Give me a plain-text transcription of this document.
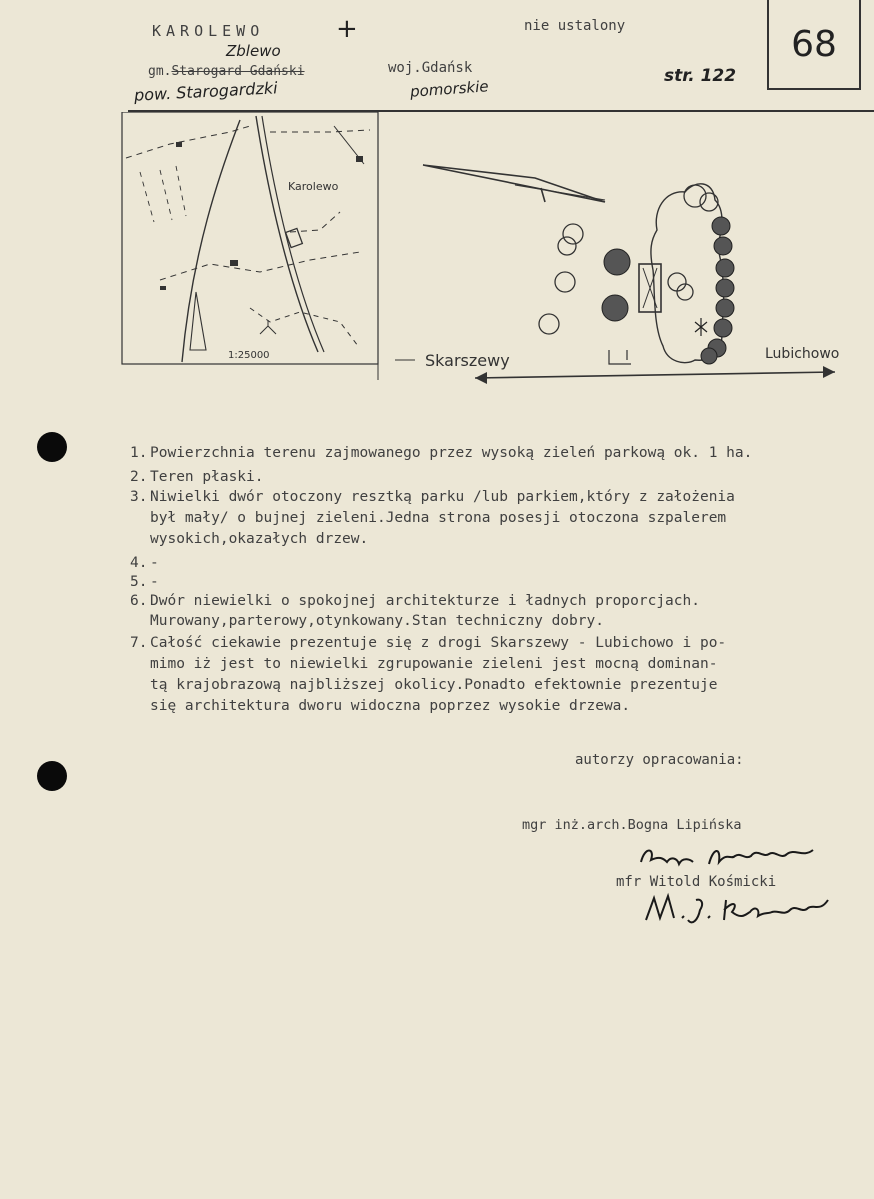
KAROLEWO	+
Zblewo
gm.Starogard Gdański
pow. Starogardzki
woj.Gdańsk
pomorskie
nie ustalony
str. 122
68
Karolewo
1:25000	Skarszewy	Lubichowo
1. Powierzchnia terenu zajmowanego przez wysoką zieleń parkową ok. 1 ha.
2. Teren płaski.
3. Niwielki dwór otoczony resztką parku /lub parkiem,który z założenia
był mały/ o bujnej zieleni.Jedna strona posesji otoczona szpalerem
wysokich,okazałych drzew.
4. -
5. -
6. Dwór niewielki o spokojnej architekturze i ładnych proporcjach.
Murowany,parterowy,otynkowany.Stan techniczny dobry.
7. Całość ciekawie prezentuje się z drogi Skarszewy - Lubichowo i po-
mimo iż jest to niewielki zgrupowanie zieleni jest mocną dominan-
tą krajobrazową najbliższej okolicy.Ponadto efektownie prezentuje
się architektura dworu widoczna poprzez wysokie drzewa.
autorzy opracowania:
mgr inż.arch.Bogna Lipińska
mfr Witold Kośmicki
